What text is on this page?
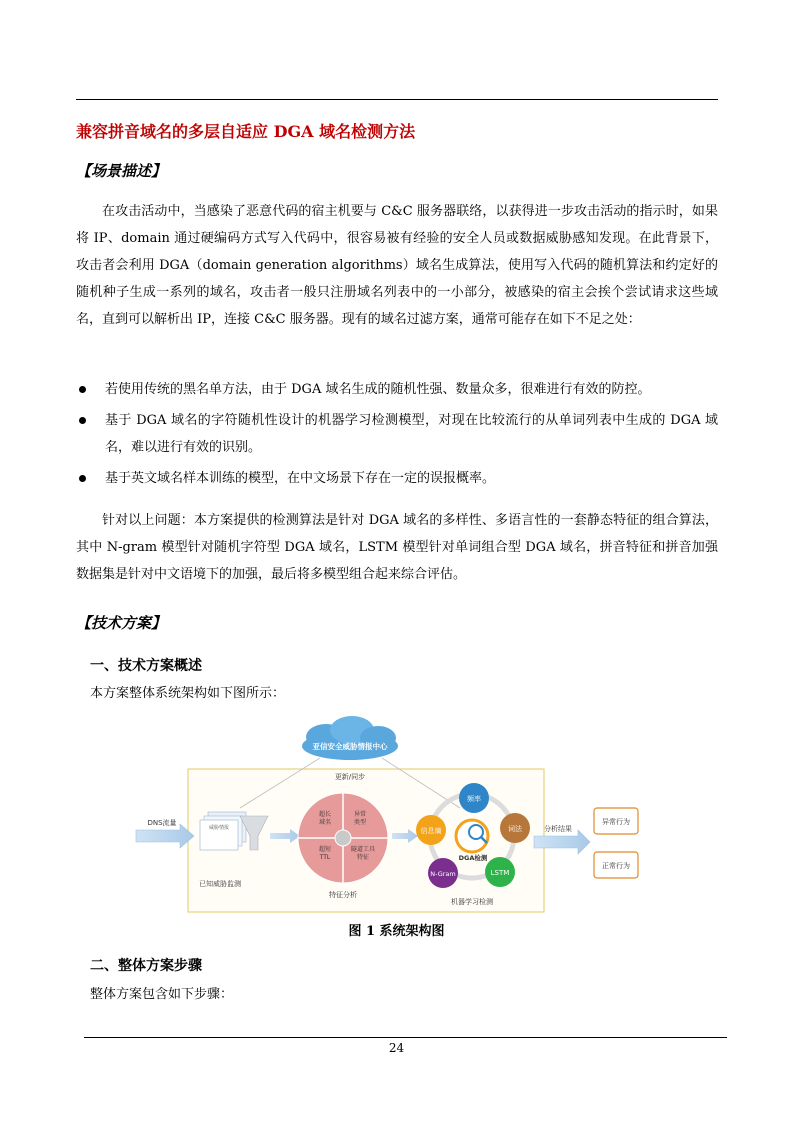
兼容拼音域名的多层自适应 DGA 域名检测方法
【场景描述】

在攻击活动中，当感染了恶意代码的宿主机要与 C&C 服务器联络，以获得进一步攻击活动的指示时，如果将 IP、domain 通过硬编码方式写入代码中，很容易被有经验的安全人员或数据威胁感知发现。在此背景下，攻击者会利用 DGA（domain generation algorithms）域名生成算法，使用写入代码的随机算法和约定好的随机种子生成一系列的域名，攻击者一般只注册域名列表中的一小部分，被感染的宿主会挨个尝试请求这些域名，直到可以解析出 IP，连接 C&C 服务器。现有的域名过滤方案，通常可能存在如下不足之处：

若使用传统的黑名单方法，由于 DGA 域名生成的随机性强、数量众多，很难进行有效的防控。
基于 DGA 域名的字符随机性设计的机器学习检测模型，对现在比较流行的从单词列表中生成的 DGA 域名，难以进行有效的识别。
基于英文域名样本训练的模型，在中文场景下存在一定的误报概率。

针对以上问题：本方案提供的检测算法是针对 DGA 域名的多样性、多语言性的一套静态特征的组合算法，其中 N-gram 模型针对随机字符型 DGA 域名，LSTM 模型针对单词组合型 DGA 域名，拼音特征和拼音加强数据集是针对中文语境下的加强，最后将多模型组合起来综合评估。

【技术方案】
一、技术方案概述
本方案整体系统架构如下图所示：
亚信安全威胁情报中心
更新/同步
DNS流量
威胁情报
已知威胁监测
超长域名
异常类型
超短 TTL
隧道工具特征
特征分析
DGA检测
频率
词法
LSTM
N-Gram
信息熵
机器学习检测
分析结果
异常行为
正常行为
图 1 系统架构图
二、整体方案步骤
整体方案包含如下步骤：
24
